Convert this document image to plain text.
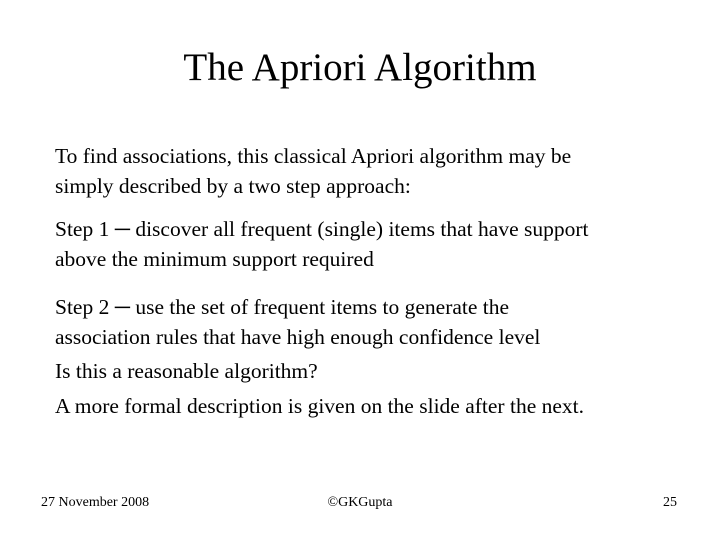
The Apriori Algorithm
To find associations, this classical Apriori algorithm may be
simply described by a two step approach:
Step 1 ─ discover all frequent (single) items that have support
above the minimum support required
Step 2 ─ use the set of frequent items to generate the
association rules that have high enough confidence level
Is this a reasonable algorithm?
A more formal description is given on the slide after the next.
27 November 2008	©GKGupta	25
